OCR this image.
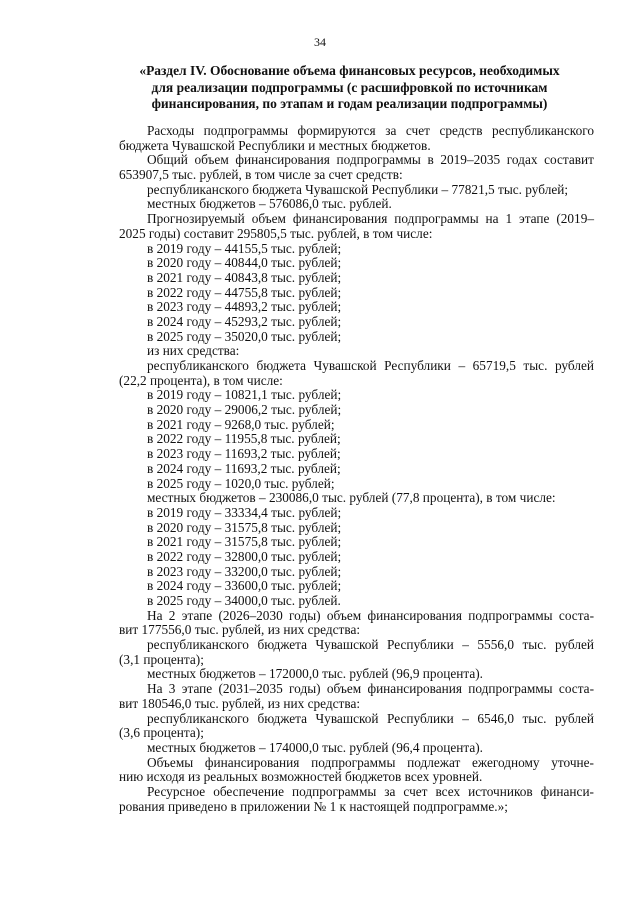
34
«Раздел IV. Обоснование объема финансовых ресурсов, необходимых
для реализации подпрограммы (с расшифровкой по источникам
финансирования, по этапам и годам реализации подпрограммы)
Расходы подпрограммы формируются за счет средств республиканского
бюджета Чувашской Республики и местных бюджетов.
Общий объем финансирования подпрограммы в 2019–2035 годах составит
653907,5 тыс. рублей, в том числе за счет средств:
республиканского бюджета Чувашской Республики – 77821,5 тыс. рублей;
местных бюджетов – 576086,0 тыс. рублей.
Прогнозируемый объем финансирования подпрограммы на 1 этапе (2019–
2025 годы) составит 295805,5 тыс. рублей, в том числе:
в 2019 году – 44155,5 тыс. рублей;
в 2020 году – 40844,0 тыс. рублей;
в 2021 году – 40843,8 тыс. рублей;
в 2022 году – 44755,8 тыс. рублей;
в 2023 году – 44893,2 тыс. рублей;
в 2024 году – 45293,2 тыс. рублей;
в 2025 году – 35020,0 тыс. рублей;
из них средства:
республиканского бюджета Чувашской Республики – 65719,5 тыс. рублей
(22,2 процента), в том числе:
в 2019 году – 10821,1 тыс. рублей;
в 2020 году – 29006,2 тыс. рублей;
в 2021 году – 9268,0 тыс. рублей;
в 2022 году – 11955,8 тыс. рублей;
в 2023 году – 11693,2 тыс. рублей;
в 2024 году – 11693,2 тыс. рублей;
в 2025 году – 1020,0 тыс. рублей;
местных бюджетов – 230086,0 тыс. рублей (77,8 процента), в том числе:
в 2019 году – 33334,4 тыс. рублей;
в 2020 году – 31575,8 тыс. рублей;
в 2021 году – 31575,8 тыс. рублей;
в 2022 году – 32800,0 тыс. рублей;
в 2023 году – 33200,0 тыс. рублей;
в 2024 году – 33600,0 тыс. рублей;
в 2025 году – 34000,0 тыс. рублей.
На 2 этапе (2026–2030 годы) объем финансирования подпрограммы соста-
вит 177556,0 тыс. рублей, из них средства:
республиканского бюджета Чувашской Республики – 5556,0 тыс. рублей
(3,1 процента);
местных бюджетов – 172000,0 тыс. рублей (96,9 процента).
На 3 этапе (2031–2035 годы) объем финансирования подпрограммы соста-
вит 180546,0 тыс. рублей, из них средства:
республиканского бюджета Чувашской Республики – 6546,0 тыс. рублей
(3,6 процента);
местных бюджетов – 174000,0 тыс. рублей (96,4 процента).
Объемы финансирования подпрограммы подлежат ежегодному уточне-
нию исходя из реальных возможностей бюджетов всех уровней.
Ресурсное обеспечение подпрограммы за счет всех источников финанси-
рования приведено в приложении № 1 к настоящей подпрограмме.»;
